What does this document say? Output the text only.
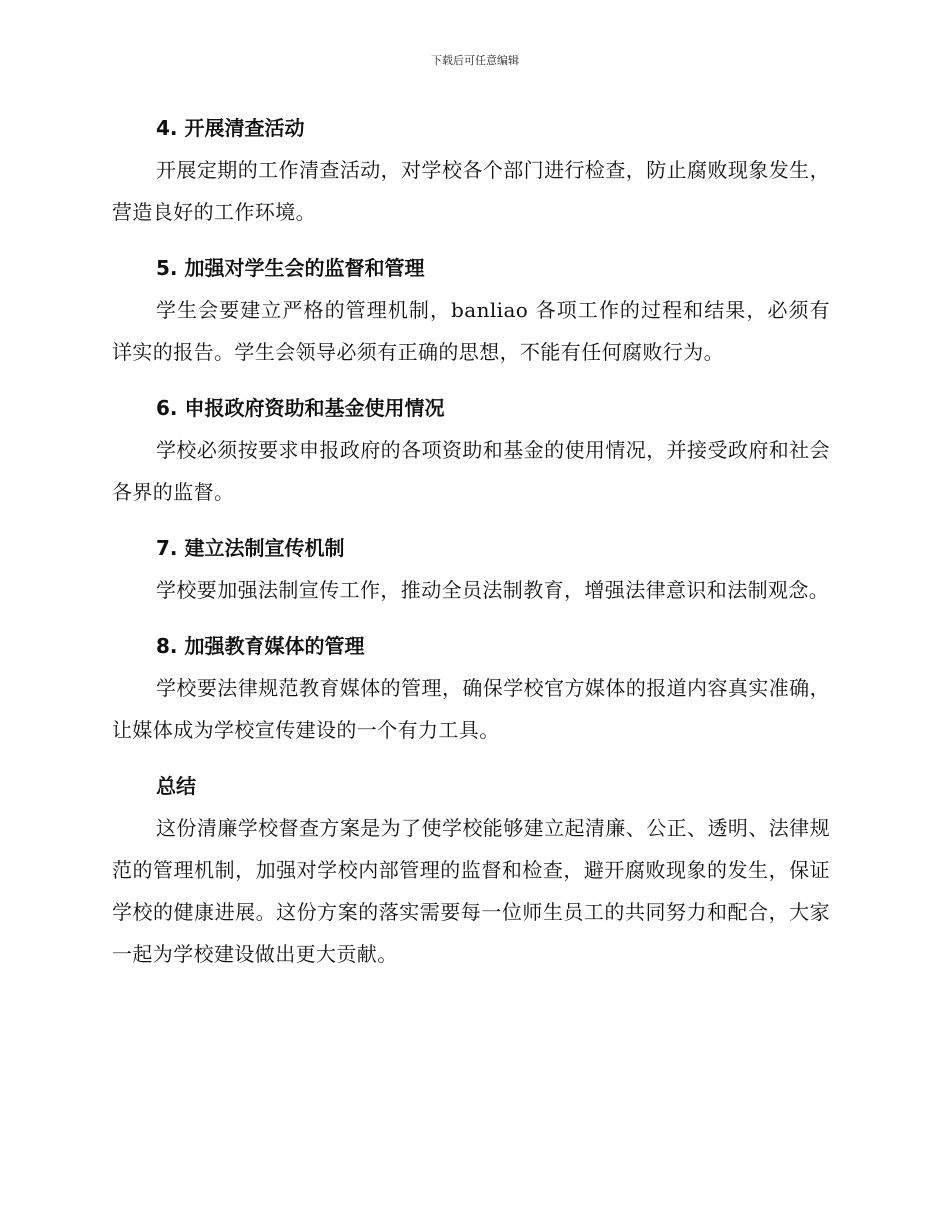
下载后可任意编辑
4. 开展清查活动

开展定期的工作清查活动，对学校各个部门进行检查，防止腐败现象发生，营造良好的工作环境。

5. 加强对学生会的监督和管理

学生会要建立严格的管理机制，banliao 各项工作的过程和结果，必须有详实的报告。学生会领导必须有正确的思想，不能有任何腐败行为。

6. 申报政府资助和基金使用情况

学校必须按要求申报政府的各项资助和基金的使用情况，并接受政府和社会各界的监督。

7. 建立法制宣传机制

学校要加强法制宣传工作，推动全员法制教育，增强法律意识和法制观念。

8. 加强教育媒体的管理

学校要法律规范教育媒体的管理，确保学校官方媒体的报道内容真实准确，让媒体成为学校宣传建设的一个有力工具。

总结

这份清廉学校督查方案是为了使学校能够建立起清廉、公正、透明、法律规范的管理机制，加强对学校内部管理的监督和检查，避开腐败现象的发生，保证学校的健康进展。这份方案的落实需要每一位师生员工的共同努力和配合，大家一起为学校建设做出更大贡献。
